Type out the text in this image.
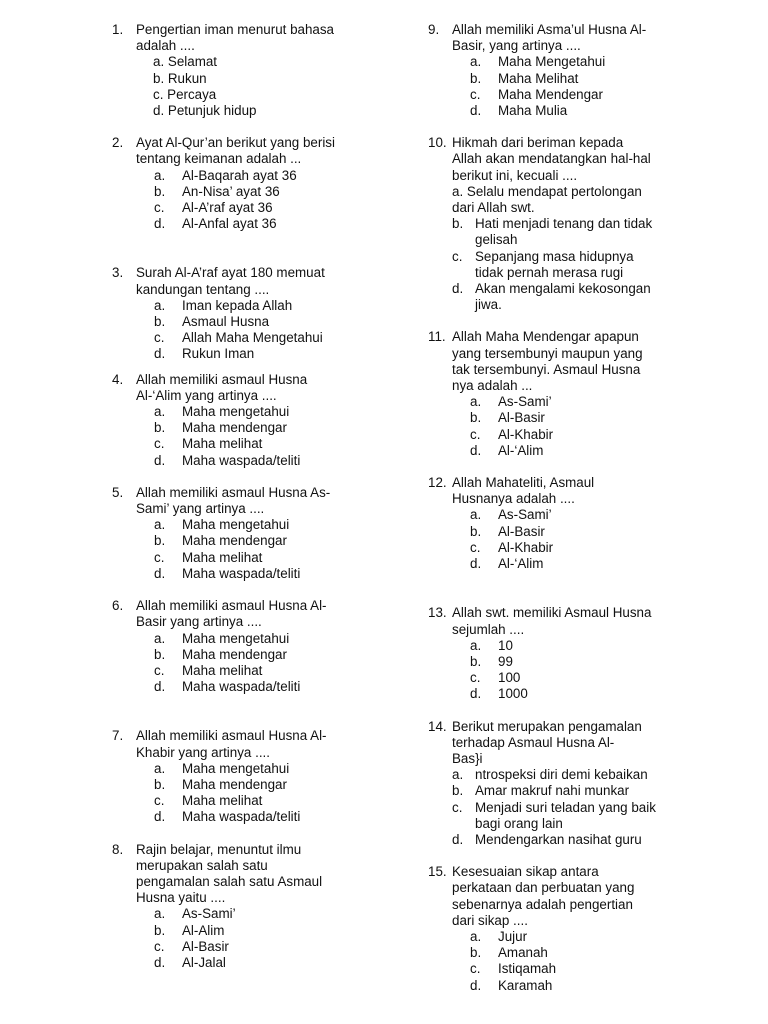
1. Pengertian iman menurut bahasa
adalah ....
a. Selamat
b. Rukun
c. Percaya
d. Petunjuk hidup
2. Ayat Al-Qur’an berikut yang berisi
tentang keimanan adalah ...
a.	Al-Baqarah ayat 36
b.	An-Nisa’ ayat 36
c.	Al-A’raf ayat 36
d.	Al-Anfal ayat 36
3. Surah Al-A’raf ayat 180 memuat
kandungan tentang ....
a.	Iman kepada Allah
b.	Asmaul Husna
c.	Allah Maha Mengetahui
d.	Rukun Iman
4. Allah memiliki asmaul Husna
Al-‘Alim yang artinya ....
a.	Maha mengetahui
b.	Maha mendengar
c.	Maha melihat
d.	Maha waspada/teliti
5. Allah memiliki asmaul Husna As-
Sami’ yang artinya ....
a.	Maha mengetahui
b.	Maha mendengar
c.	Maha melihat
d.	Maha waspada/teliti
6. Allah memiliki asmaul Husna Al-
Basir yang artinya ....
a.	Maha mengetahui
b.	Maha mendengar
c.	Maha melihat
d.	Maha waspada/teliti
7. Allah memiliki asmaul Husna Al-
Khabir yang artinya ....
a.	Maha mengetahui
b.	Maha mendengar
c.	Maha melihat
d.	Maha waspada/teliti
8. Rajin belajar, menuntut ilmu
merupakan salah satu
pengamalan salah satu Asmaul
Husna yaitu ....
a.	As-Sami’
b.	Al-Alim
c.	Al-Basir
d.	Al-Jalal
9. Allah memiliki Asma’ul Husna Al-
Basir, yang artinya ....
a.	Maha Mengetahui
b.	Maha Melihat
c.	Maha Mendengar
d.	Maha Mulia
10. Hikmah dari beriman kepada
Allah akan mendatangkan hal-hal
berikut ini, kecuali ....
a. Selalu mendapat pertolongan
dari Allah swt.
b. Hati menjadi tenang dan tidak
gelisah
c. Sepanjang masa hidupnya
tidak pernah merasa rugi
d. Akan mengalami kekosongan
jiwa.
11. Allah Maha Mendengar apapun
yang tersembunyi maupun yang
tak tersembunyi. Asmaul Husna
nya adalah ...
a.	As-Sami’
b.	Al-Basir
c.	Al-Khabir
d.	Al-‘Alim
12. Allah Mahateliti, Asmaul
Husnanya adalah ....
a.	As-Sami’
b.	Al-Basir
c.	Al-Khabir
d.	Al-‘Alim
13. Allah swt. memiliki Asmaul Husna
sejumlah ....
a.	10
b.	99
c.	100
d.	1000
14. Berikut merupakan pengamalan
terhadap Asmaul Husna Al-
Bas}i
a. ntrospeksi diri demi kebaikan
b. Amar makruf nahi munkar
c. Menjadi suri teladan yang baik
bagi orang lain
d. Mendengarkan nasihat guru
15. Kesesuaian sikap antara
perkataan dan perbuatan yang
sebenarnya adalah pengertian
dari sikap ....
a.	Jujur
b.	Amanah
c.	Istiqamah
d.	Karamah
